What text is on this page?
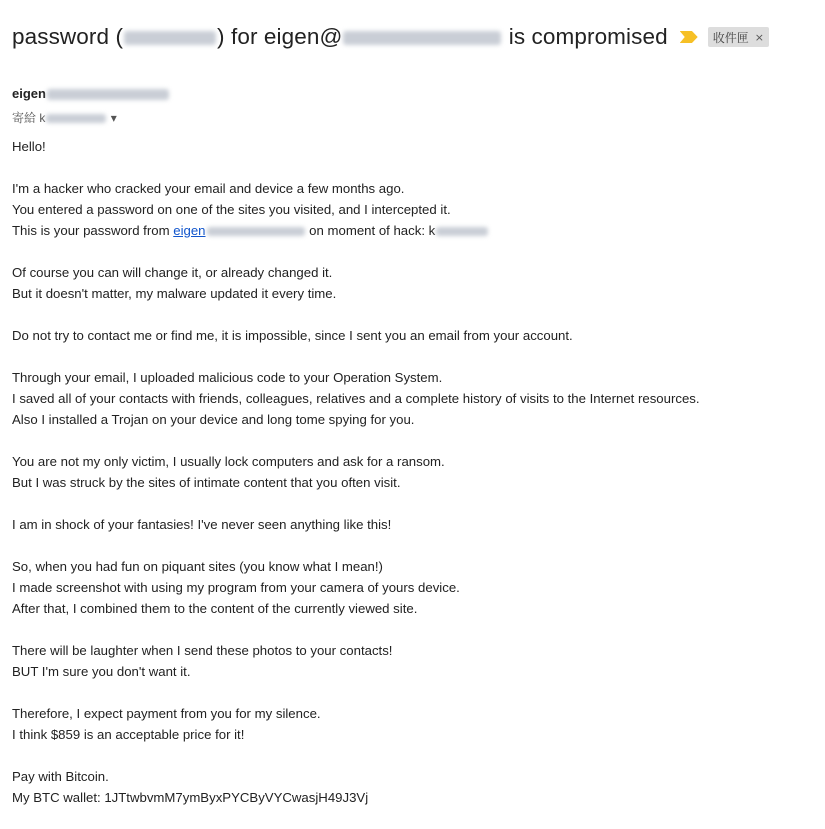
password (	) for eigen@	is compromised	收件匣 ×
eigen
寄給 k	▾

Hello!

I'm a hacker who cracked your email and device a few months ago.
You entered a password on one of the sites you visited, and I intercepted it.
This is your password from eigen	on moment of hack: k

Of course you can will change it, or already changed it.
But it doesn't matter, my malware updated it every time.

Do not try to contact me or find me, it is impossible, since I sent you an email from your account.

Through your email, I uploaded malicious code to your Operation System.
I saved all of your contacts with friends, colleagues, relatives and a complete history of visits to the Internet resources.
Also I installed a Trojan on your device and long tome spying for you.

You are not my only victim, I usually lock computers and ask for a ransom.
But I was struck by the sites of intimate content that you often visit.

I am in shock of your fantasies! I've never seen anything like this!

So, when you had fun on piquant sites (you know what I mean!)
I made screenshot with using my program from your camera of yours device.
After that, I combined them to the content of the currently viewed site.

There will be laughter when I send these photos to your contacts!
BUT I'm sure you don't want it.

Therefore, I expect payment from you for my silence.
I think $859 is an acceptable price for it!

Pay with Bitcoin.
My BTC wallet: 1JTtwbvmM7ymByxPYCByVYCwasjH49J3Vj
